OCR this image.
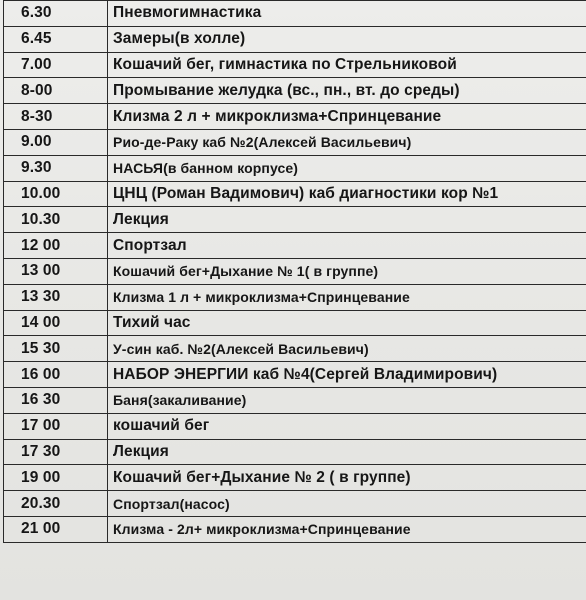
6.30	Пневмогимнастика
6.45	Замеры(в холле)
7.00	Кошачий бег, гимнастика по Стрельниковой
8-00	Промывание желудка (вс., пн., вт. до среды)
8-30	Клизма 2 л + микроклизма+Спринцевание
9.00	Рио-де-Раку каб №2(Алексей Васильевич)
9.30	НАСЬЯ(в банном корпусе)
10.00	ЦНЦ (Роман Вадимович) каб диагностики кор №1
10.30	Лекция
12 00	Спортзал
13 00	Кошачий бег+Дыхание № 1( в группе)
13 30	Клизма 1 л + микроклизма+Спринцевание
14 00	Тихий час
15 30	У-син каб. №2(Алексей Васильевич)
16 00	НАБОР ЭНЕРГИИ каб №4(Сергей Владимирович)
16 30	Баня(закаливание)
17 00	кошачий бег
17 30	Лекция
19 00	Кошачий бег+Дыхание № 2 ( в группе)
20.30	Спортзал(насос)
21 00	Клизма - 2л+ микроклизма+Спринцевание
